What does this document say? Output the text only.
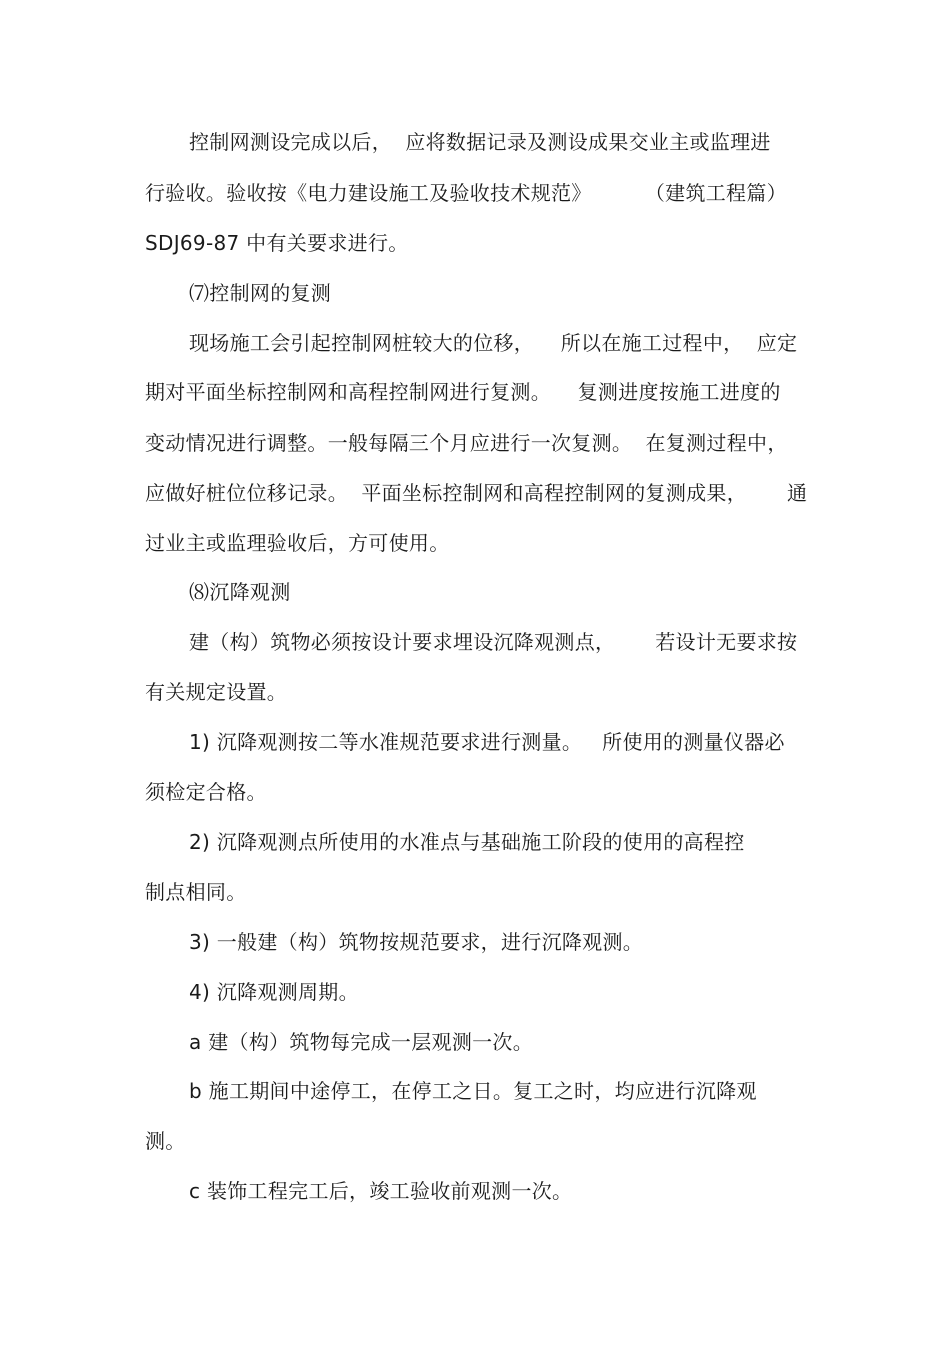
控制网测设完成以后，  应将数据记录及测设成果交业主或监理进
行验收。验收按《电力建设施工及验收技术规范》        （建筑工程篇）
SDJ69-87 中有关要求进行。
⑺控制网的复测
现场施工会引起控制网桩较大的位移，    所以在施工过程中，  应定
期对平面坐标控制网和高程控制网进行复测。    复测进度按施工进度的
变动情况进行调整。一般每隔三个月应进行一次复测。  在复测过程中，
应做好桩位位移记录。  平面坐标控制网和高程控制网的复测成果，      通
过业主或监理验收后，方可使用。
⑻沉降观测
建（构）筑物必须按设计要求埋设沉降观测点，      若设计无要求按
有关规定设置。
1) 沉降观测按二等水准规范要求进行测量。   所使用的测量仪器必
须检定合格。
2) 沉降观测点所使用的水准点与基础施工阶段的使用的高程控
制点相同。
3) 一般建（构）筑物按规范要求，进行沉降观测。
4) 沉降观测周期。
a 建（构）筑物每完成一层观测一次。
b 施工期间中途停工，在停工之日。复工之时，均应进行沉降观
测。
c 装饰工程完工后，竣工验收前观测一次。
